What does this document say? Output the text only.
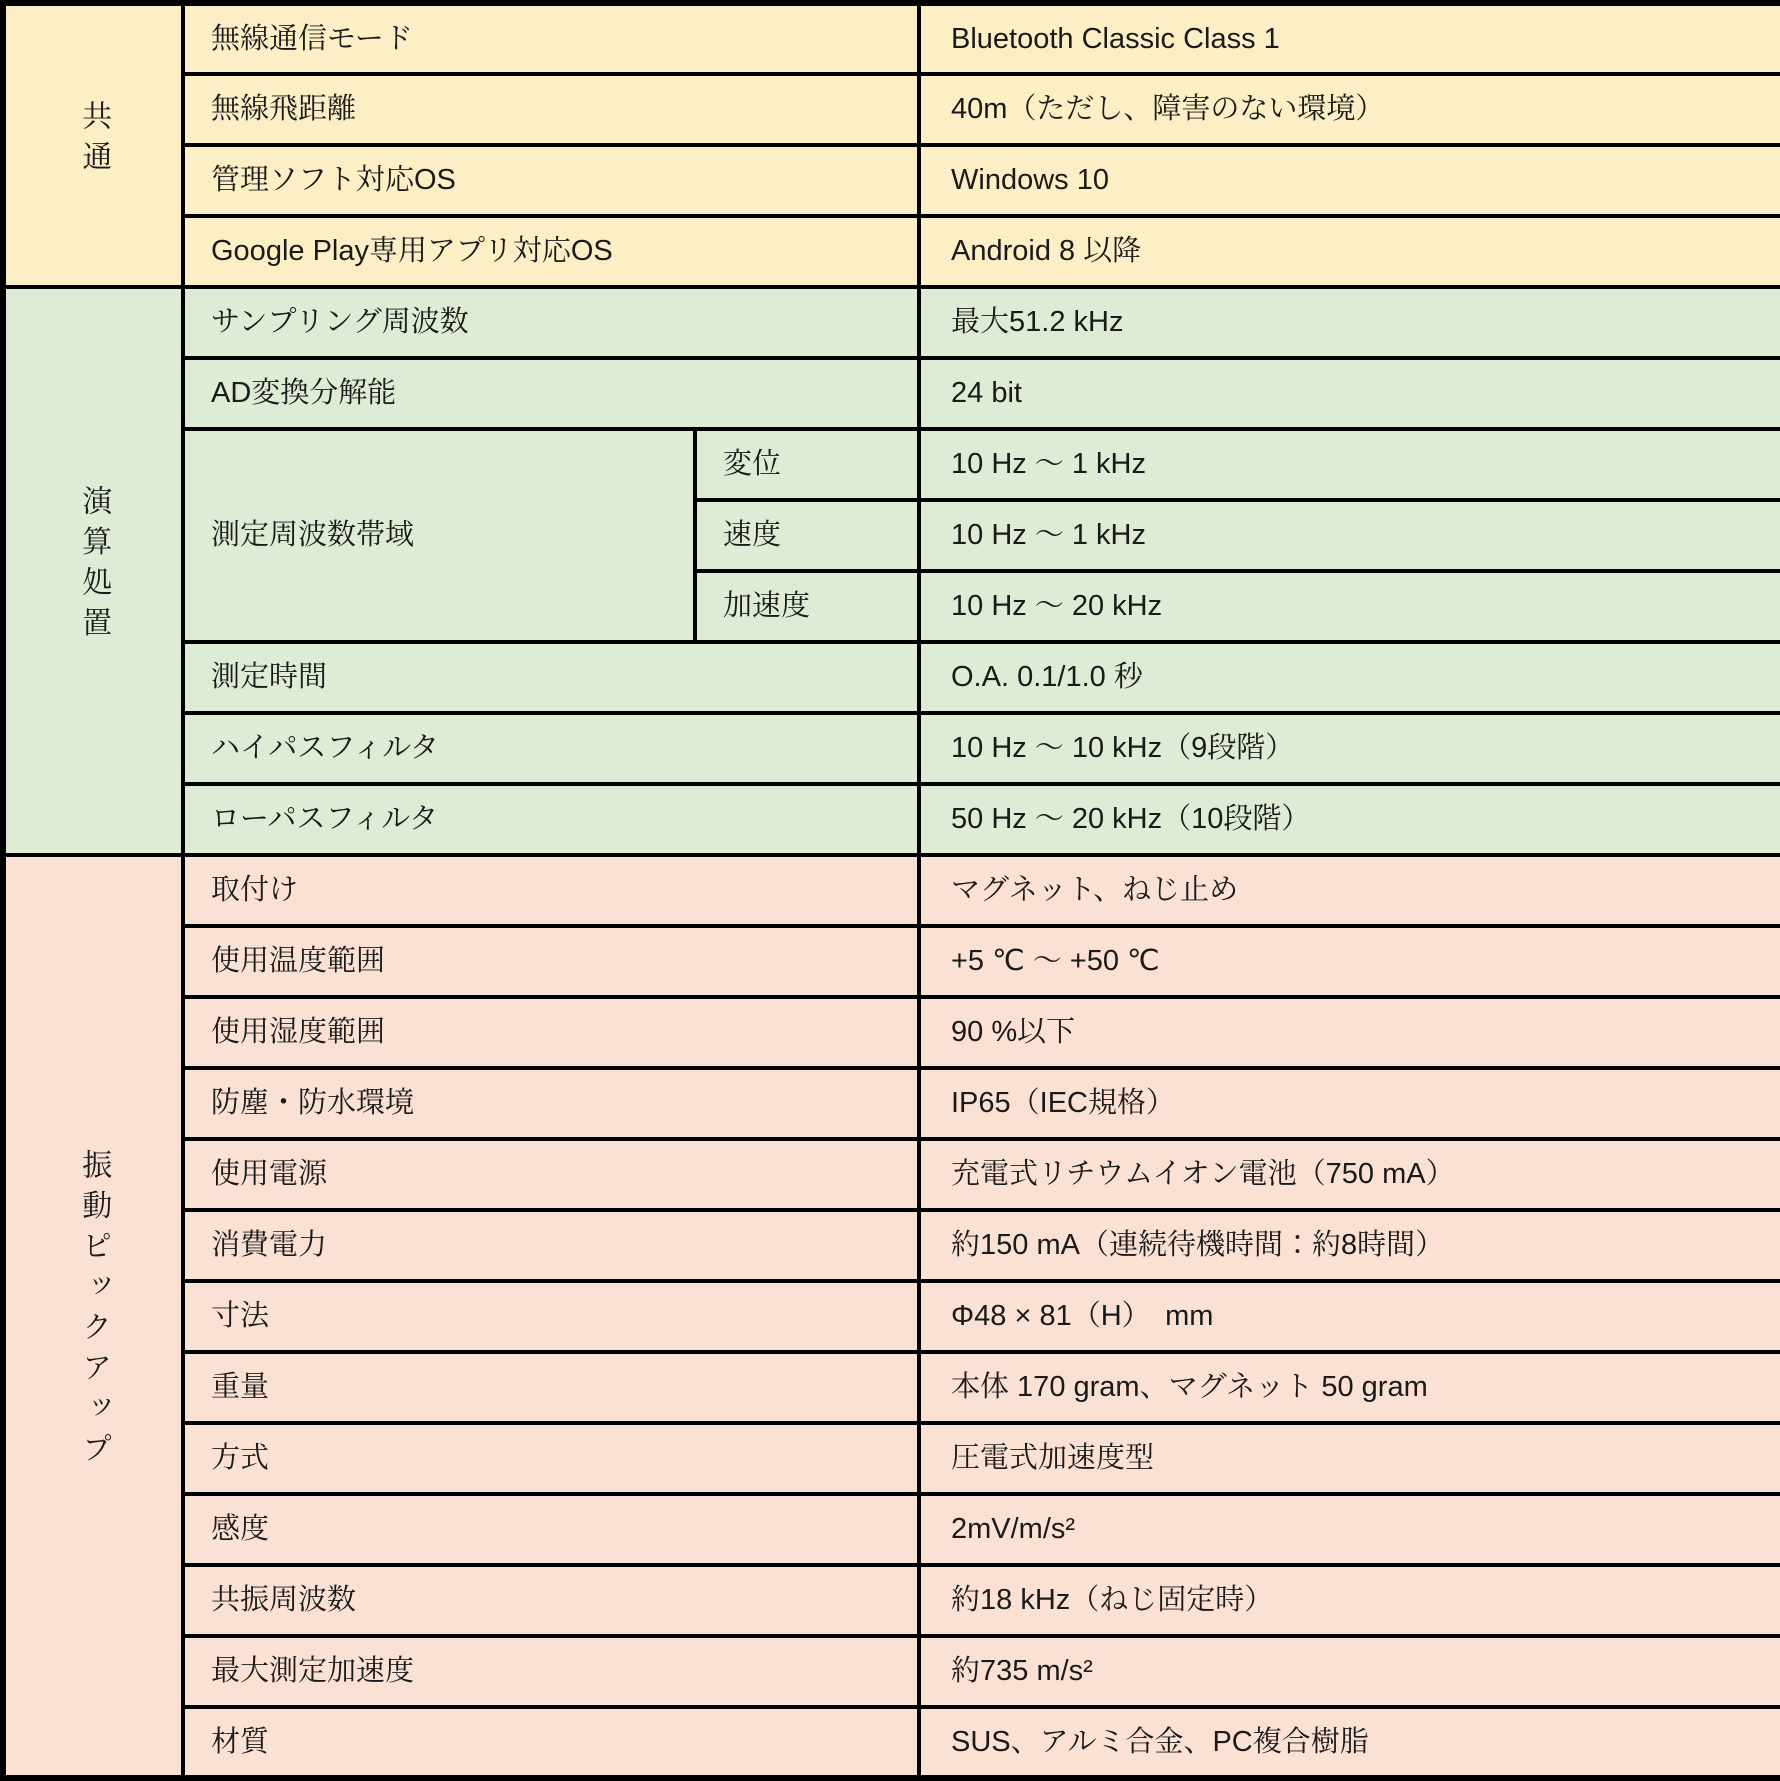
共通	無線通信モード		Bluetooth Classic Class 1
	無線飛距離		40m（ただし、障害のない環境）
	管理ソフト対応OS		Windows 10
	Google Play専用アプリ対応OS		Android 8 以降
演算処置	サンプリング周波数		最大51.2 kHz
	AD変換分解能		24 bit
	測定周波数帯域	変位	10 Hz ～ 1 kHz
		速度	10 Hz ～ 1 kHz
		加速度	10 Hz ～ 20 kHz
	測定時間		O.A. 0.1/1.0 秒
	ハイパスフィルタ		10 Hz ～ 10 kHz（9段階）
	ローパスフィルタ		50 Hz ～ 20 kHz（10段階）
振動ピックアップ	取付け		マグネット、ねじ止め
	使用温度範囲		+5 ℃ ～ +50 ℃
	使用湿度範囲		90 %以下
	防塵・防水環境		IP65（IEC規格）
	使用電源		充電式リチウムイオン電池（750 mA）
	消費電力		約150 mA（連続待機時間：約8時間）
	寸法		Φ48 × 81（H）　mm
	重量		本体 170 gram、マグネット 50 gram
	方式		圧電式加速度型
	感度		2mV/m/s²
	共振周波数		約18 kHz（ねじ固定時）
	最大測定加速度		約735 m/s²
	材質		SUS、アルミ合金、PC複合樹脂
